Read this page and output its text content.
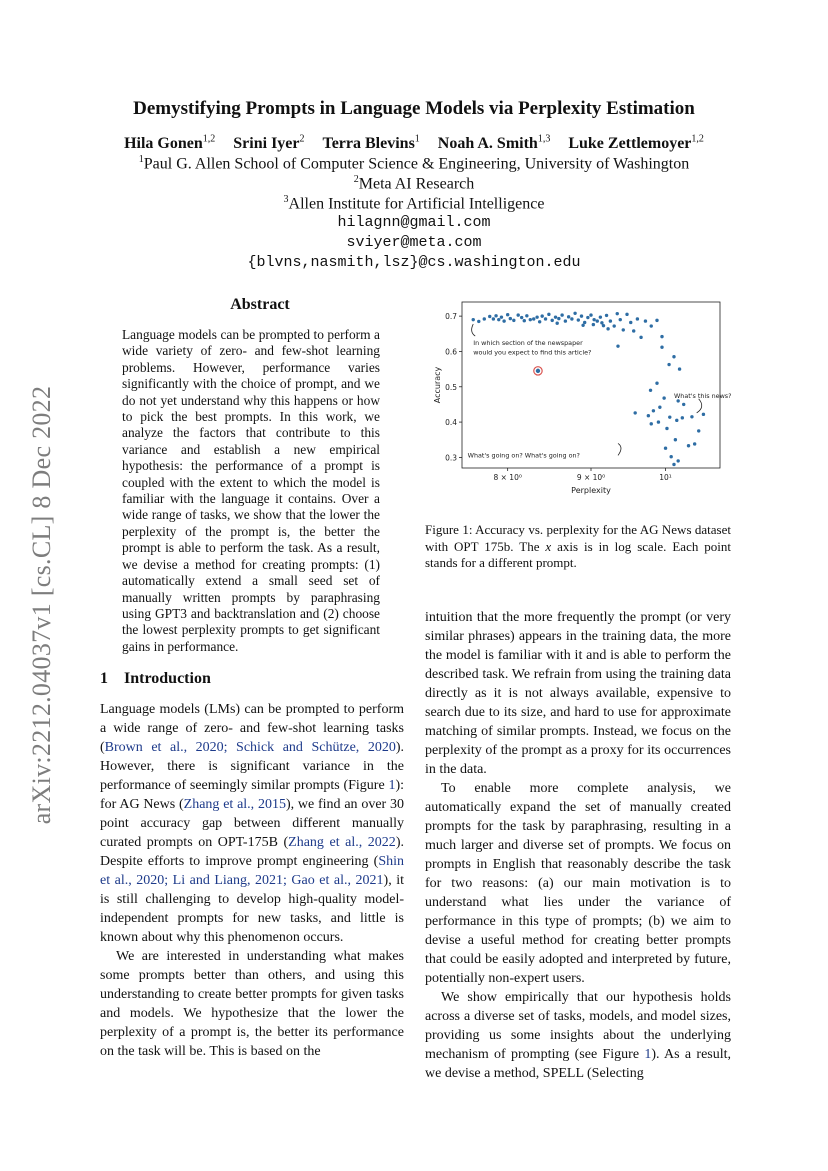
arXiv:2212.04037v1 [cs.CL] 8 Dec 2022
Demystifying Prompts in Language Models via Perplexity Estimation
Hila Gonen$^{1,2}$ Srini Iyer$^2$ Terra Blevins$^1$ Noah A. Smith$^{1,3}$ Luke Zettlemoyer$^{1,2}$
$^1$Paul G. Allen School of Computer Science & Engineering, University of Washington
$^2$Meta AI Research
$^3$Allen Institute for Artificial Intelligence
hilagnn@gmail.com
sviyer@meta.com
{blvns,nasmith,lsz}@cs.washington.edu
Abstract
Language models can be prompted to perform a wide variety of zero- and few-shot learning problems. However, performance varies significantly with the choice of prompt, and we do not yet understand why this happens or how to pick the best prompts. In this work, we analyze the factors that contribute to this variance and establish a new empirical hypothesis: the performance of a prompt is coupled with the extent to which the model is familiar with the language it contains. Over a wide range of tasks, we show that the lower the perplexity of the prompt is, the better the prompt is able to perform the task. As a result, we devise a method for creating prompts: (1) automatically extend a small seed set of manually written prompts by paraphrasing using GPT3 and backtranslation and (2) choose the lowest perplexity prompts to get significant gains in performance.
1 Introduction

Language models (LMs) can be prompted to perform a wide range of zero- and few-shot learning tasks (Brown et al., 2020; Schick and Schütze, 2020). However, there is significant variance in the performance of seemingly similar prompts (Figure 1): for AG News (Zhang et al., 2015), we find an over 30 point accuracy gap between different manually curated prompts on OPT-175B (Zhang et al., 2022). Despite efforts to improve prompt engineering (Shin et al., 2020; Li and Liang, 2021; Gao et al., 2021), it is still challenging to develop high-quality model-independent prompts for new tasks, and little is known about why this phenomenon occurs.

We are interested in understanding what makes some prompts better than others, and using this understanding to create better prompts for given tasks and models. We hypothesize that the lower the perplexity of a prompt is, the better its performance on the task will be. This is based on the

intuition that the more frequently the prompt (or very similar phrases) appears in the training data, the more the model is familiar with it and is able to perform the described task. We refrain from using the training data directly as it is not always available, expensive to search due to its size, and hard to use for approximate matching of similar prompts. Instead, we focus on the perplexity of the prompt as a proxy for its occurrences in the data.

To enable more complete analysis, we automatically expand the set of manually created prompts for the task by paraphrasing, resulting in a much larger and diverse set of prompts. We focus on prompts in English that reasonably describe the task for two reasons: (a) our main motivation is to understand what lies under the variance of performance in this type of prompts; (b) we aim to devise a useful method for creating better prompts that could be easily adopted and interpreted by future, potentially non-expert users.

We show empirically that our hypothesis holds across a diverse set of tasks, models, and model sizes, providing us some insights about the underlying mechanism of prompting (see Figure 1). As a result, we devise a method, SPELL (Selecting

0.3
0.4
0.5
0.6
0.7
8 × 10⁰	9 × 10⁰	10¹
Perplexity
Accuracy
In which section of the newspaper
would you expect to find this article?
What's this news?
What's going on? What's going on?
Figure 1: Accuracy vs. perplexity for the AG News dataset with OPT 175b. The x axis is in log scale. Each point stands for a different prompt.
